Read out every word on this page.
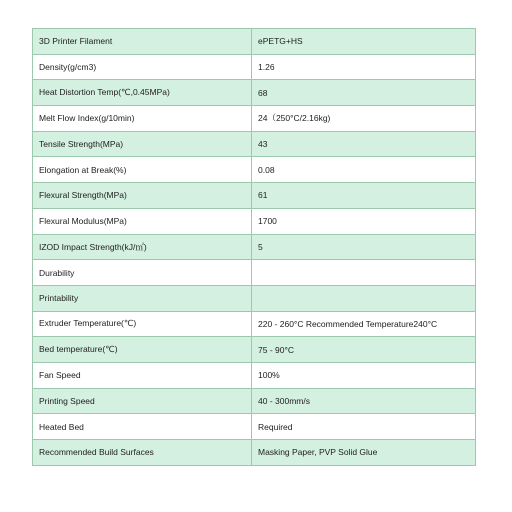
3D Printer Filament	ePETG+HS
Density(g/cm3)	1.26
Heat Distortion Temp(℃,0.45MPa)	68
Melt Flow Index(g/10min)	24（250°C/2.16kg)
Tensile Strength(MPa)	43
Elongation at Break(%)	0.08
Flexural Strength(MPa)	61
Flexural Modulus(MPa)	1700
IZOD Impact Strength(kJ/㎡)	5
Durability	
Printability	
Extruder Temperature(℃)	220 - 260°C Recommended Temperature240°C
Bed temperature(℃)	75 - 90°C
Fan Speed	100%
Printing Speed	40 - 300mm/s
Heated Bed	Required
Recommended Build Surfaces	Masking Paper, PVP Solid Glue
